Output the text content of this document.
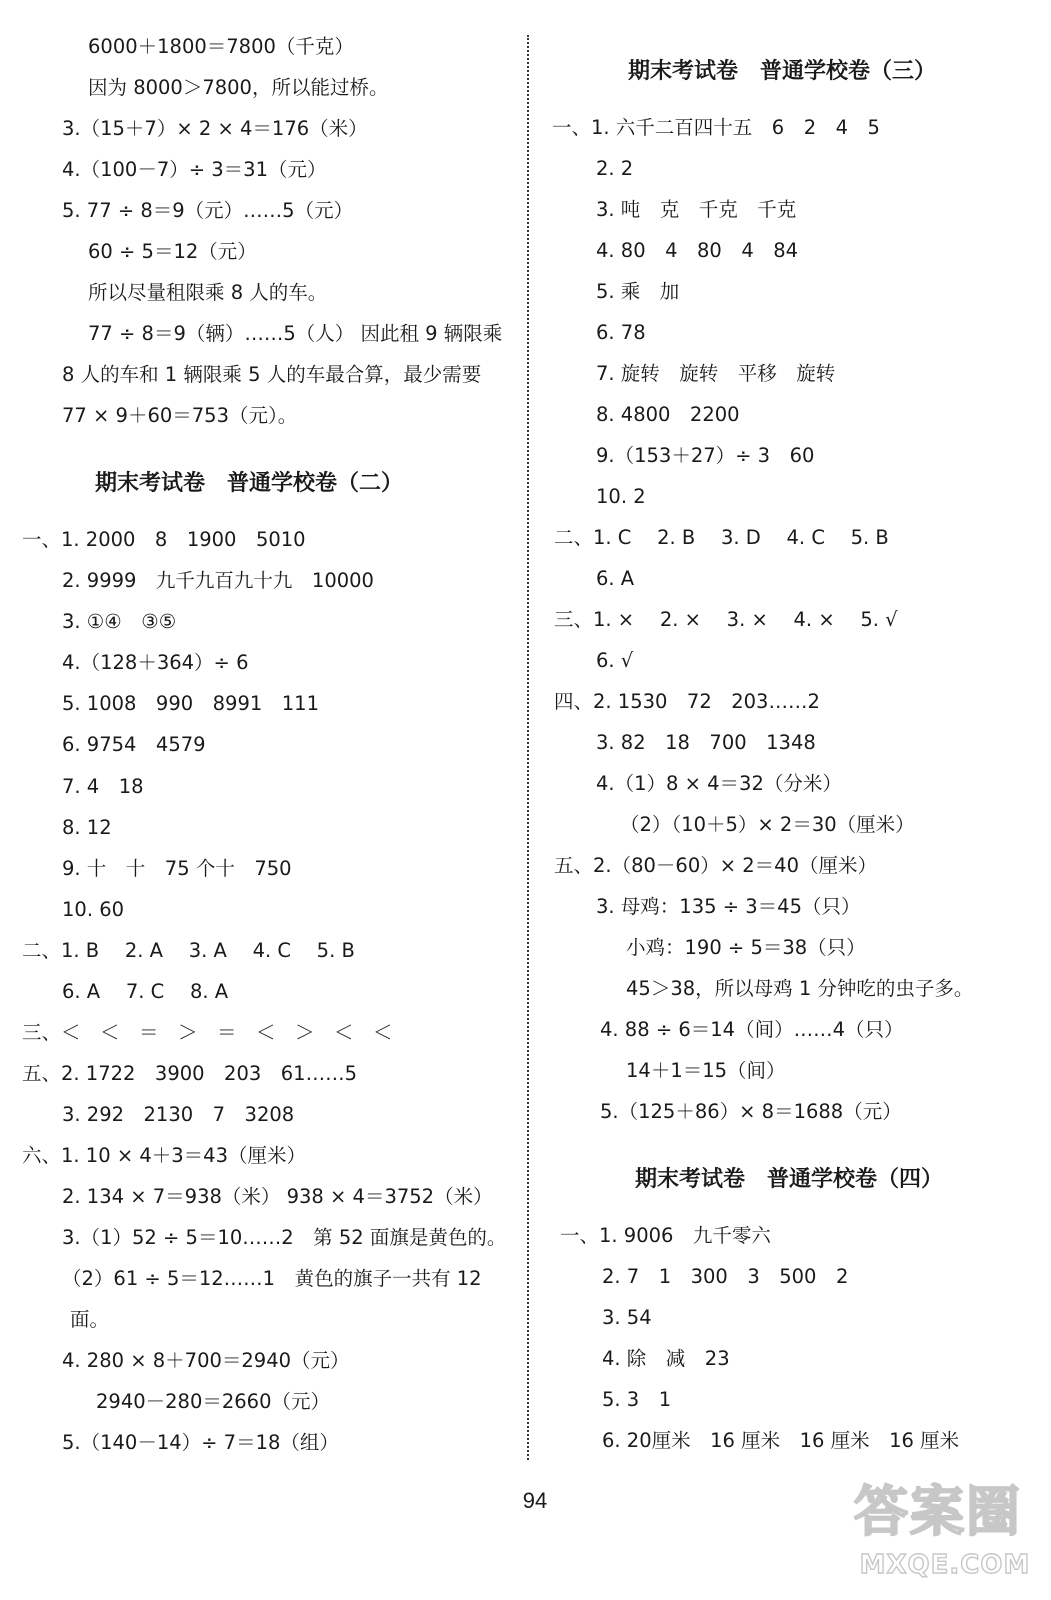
6000＋1800＝7800（千克）
因为 8000＞7800，所以能过桥。
3.（15＋7）× 2 × 4＝176（米）
4.（100－7）÷ 3＝31（元）
5. 77 ÷ 8＝9（元）……5（元）
60 ÷ 5＝12（元）
所以尽量租限乘 8 人的车。
77 ÷ 8＝9（辆）……5（人） 因此租 9 辆限乘
8 人的车和 1 辆限乘 5 人的车最合算，最少需要
77 × 9＋60＝753（元）。
期末考试卷　普通学校卷（二）
一、1. 2000　8　1900　5010
2. 9999　九千九百九十九　10000
3. ①④　③⑤
4.（128＋364）÷ 6
5. 1008　990　8991　111
6. 9754　4579
7. 4　18
8. 12
9. 十　十　75 个十　750
10. 60
二、1. B　 2. A　 3. A　 4. C　 5. B
6. A　 7. C　 8. A
三、＜　＜　＝　＞　＝　＜　＞　＜　＜
五、2. 1722　3900　203　61……5
3. 292　2130　7　3208
六、1. 10 × 4＋3＝43（厘米）
2. 134 × 7＝938（米） 938 × 4＝3752（米）
3.（1）52 ÷ 5＝10……2　第 52 面旗是黄色的。
（2）61 ÷ 5＝12……1　黄色的旗子一共有 12
面。
4. 280 × 8＋700＝2940（元）
2940－280＝2660（元）
5.（140－14）÷ 7＝18（组）
期末考试卷　普通学校卷（三）
一、1. 六千二百四十五　6　2　4　5
2. 2
3. 吨　克　千克　千克
4. 80　4　80　4　84
5. 乘　加
6. 78
7. 旋转　旋转　平移　旋转
8. 4800　2200
9.（153＋27）÷ 3　60
10. 2
二、1. C　 2. B　 3. D　 4. C　 5. B
6. A
三、1. ×　 2. ×　 3. ×　 4. ×　 5. √
6. √
四、2. 1530　72　203……2
3. 82　18　700　1348
4.（1）8 × 4＝32（分米）
（2）（10＋5）× 2＝30（厘米）
五、2.（80－60）× 2＝40（厘米）
3. 母鸡：135 ÷ 3＝45（只）
小鸡：190 ÷ 5＝38（只）
45＞38，所以母鸡 1 分钟吃的虫子多。
4. 88 ÷ 6＝14（间）……4（只）
14＋1＝15（间）
5.（125＋86）× 8＝1688（元）
期末考试卷　普通学校卷（四）
一、1. 9006　九千零六
2. 7　1　300　3　500　2
3. 54
4. 除　减　23
5. 3　1
6. 20厘米　16 厘米　16 厘米　16 厘米
94	答案圈
MXQE.COM
